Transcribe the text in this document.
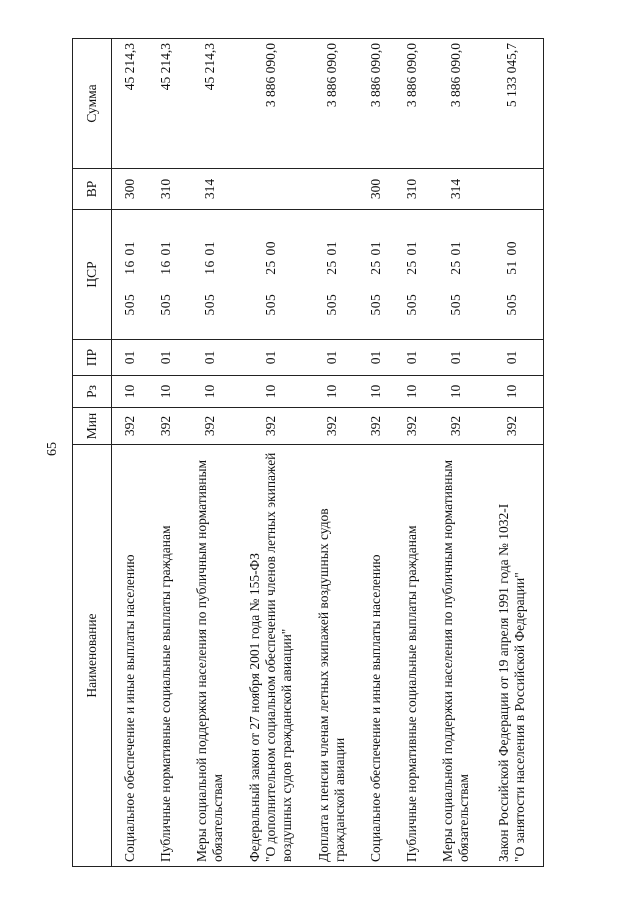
65
Наименование	Мин	Рз	ПР	ЦСР	ВР	Сумма

Социальное обеспечение и иные выплаты населению	392	10	01	5051601	300	45 214,3

Публичные нормативные социальные выплаты гражданам	392	10	01	5051601	310	45 214,3

Меры социальной поддержки населения по публичным нормативным обязательствам	392	10	01	5051601	314	45 214,3

Федеральный закон от 27 ноября 2001 года № 155-ФЗ "О дополнительном социальном обеспечении членов летных экипажей воздушных судов гражданской авиации"	392	10	01	5052500		3 886 090,0

Доплата к пенсии членам летных экипажей воздушных судов гражданской авиации	392	10	01	5052501		3 886 090,0

Социальное обеспечение и иные выплаты населению	392	10	01	5052501	300	3 886 090,0

Публичные нормативные социальные выплаты гражданам	392	10	01	5052501	310	3 886 090,0

Меры социальной поддержки населения по публичным нормативным обязательствам	392	10	01	5052501	314	3 886 090,0

Закон Российской Федерации от 19 апреля 1991 года № 1032-I "О занятости населения в Российской Федерации"	392	10	01	5055100		5 133 045,7
